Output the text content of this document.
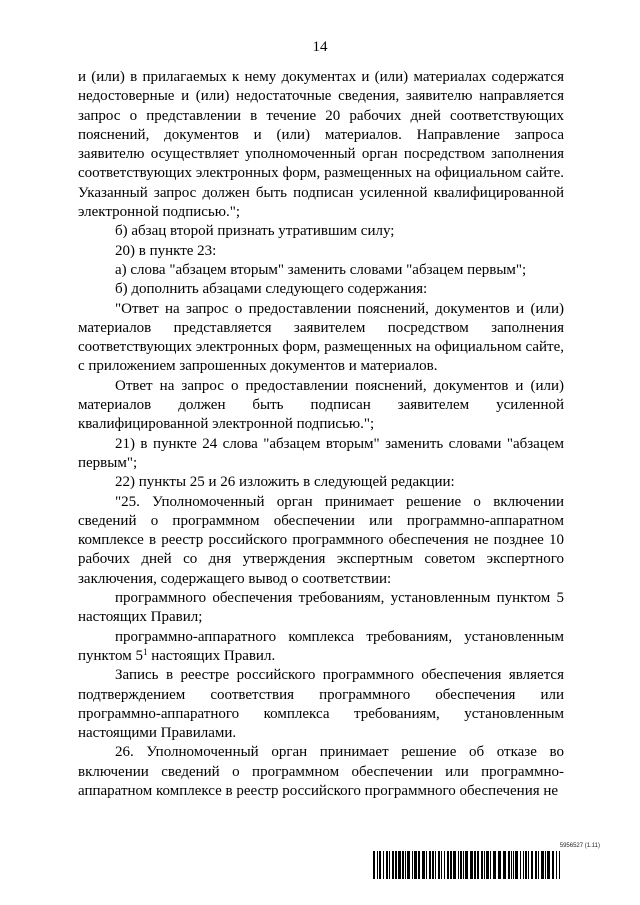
14

и (или) в прилагаемых к нему документах и (или) материалах содержатся недостоверные и (или) недостаточные сведения, заявителю направляется запрос о представлении в течение 20 рабочих дней соответствующих пояснений, документов и (или) материалов. Направление запроса заявителю осуществляет уполномоченный орган посредством заполнения соответствующих электронных форм, размещенных на официальном сайте. Указанный запрос должен быть подписан усиленной квалифицированной электронной подписью.";

б) абзац второй признать утратившим силу;

20) в пункте 23:

а) слова "абзацем вторым" заменить словами "абзацем первым";

б) дополнить абзацами следующего содержания:

"Ответ на запрос о предоставлении пояснений, документов и (или) материалов представляется заявителем посредством заполнения соответствующих электронных форм, размещенных на официальном сайте, с приложением запрошенных документов и материалов.

Ответ на запрос о предоставлении пояснений, документов и (или) материалов должен быть подписан заявителем усиленной квалифицированной электронной подписью.";

21) в пункте 24 слова "абзацем вторым" заменить словами "абзацем первым";

22) пункты 25 и 26 изложить в следующей редакции:

"25. Уполномоченный орган принимает решение о включении сведений о программном обеспечении или программно-аппаратном комплексе в реестр российского программного обеспечения не позднее 10 рабочих дней со дня утверждения экспертным советом экспертного заключения, содержащего вывод о соответствии:

программного обеспечения требованиям, установленным пунктом 5 настоящих Правил;

программно-аппаратного комплекса требованиям, установленным пунктом $5^1$ настоящих Правил.

Запись в реестре российского программного обеспечения является подтверждением соответствия программного обеспечения или программно-аппаратного комплекса требованиям, установленным настоящими Правилами.

26. Уполномоченный орган принимает решение об отказе во включении сведений о программном обеспечении или программно-аппаратном комплексе в реестр российского программного обеспечения не

5956527 (1.11)
